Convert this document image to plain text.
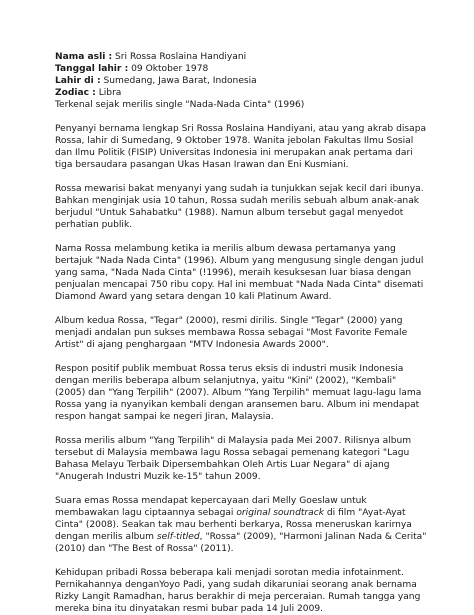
Nama asli : Sri Rossa Roslaina Handiyani

Tanggal lahir : 09 Oktober 1978

Lahir di : Sumedang, Jawa Barat, Indonesia

Zodiac : Libra

Terkenal sejak merilis single "Nada-Nada Cinta" (1996)

Penyanyi bernama lengkap Sri Rossa Roslaina Handiyani, atau yang akrab disapa Rossa, lahir di Sumedang, 9 Oktober 1978. Wanita jebolan Fakultas Ilmu Sosial dan Ilmu Politik (FISIP) Universitas Indonesia ini merupakan anak pertama dari tiga bersaudara pasangan Ukas Hasan Irawan dan Eni Kusmiani.

Rossa mewarisi bakat menyanyi yang sudah ia tunjukkan sejak kecil dari ibunya. Bahkan menginjak usia 10 tahun, Rossa sudah merilis sebuah album anak-anak berjudul "Untuk Sahabatku" (1988). Namun album tersebut gagal menyedot perhatian publik.

Nama Rossa melambung ketika ia merilis album dewasa pertamanya yang bertajuk "Nada Nada Cinta" (1996). Album yang mengusung single dengan judul yang sama, "Nada Nada Cinta" (!1996), meraih kesuksesan luar biasa dengan penjualan mencapai 750 ribu copy. Hal ini membuat "Nada Nada Cinta" disemati Diamond Award yang setara dengan 10 kali Platinum Award.

Album kedua Rossa, "Tegar" (2000), resmi dirilis. Single "Tegar" (2000) yang menjadi andalan pun sukses membawa Rossa sebagai "Most Favorite Female Artist" di ajang penghargaan "MTV Indonesia Awards 2000".

Respon positif publik membuat Rossa terus eksis di industri musik Indonesia dengan merilis beberapa album selanjutnya, yaitu "Kini" (2002), "Kembali" (2005) dan "Yang Terpilih" (2007). Album "Yang Terpilih" memuat lagu-lagu lama Rossa yang ia nyanyikan kembali dengan aransemen baru. Album ini mendapat respon hangat sampai ke negeri Jiran, Malaysia.

Rossa merilis album "Yang Terpilih" di Malaysia pada Mei 2007. Rilisnya album tersebut di Malaysia membawa lagu Rossa sebagai pemenang kategori "Lagu Bahasa Melayu Terbaik Dipersembahkan Oleh Artis Luar Negara" di ajang "Anugerah Industri Muzik ke-15" tahun 2009.

Suara emas Rossa mendapat kepercayaan dari Melly Goeslaw untuk membawakan lagu ciptaannya sebagai original soundtrack di film "Ayat-Ayat Cinta" (2008). Seakan tak mau berhenti berkarya, Rossa meneruskan karirnya dengan merilis album self-titled, "Rossa" (2009), "Harmoni Jalinan Nada & Cerita" (2010) dan "The Best of Rossa" (2011).

Kehidupan pribadi Rossa beberapa kali menjadi sorotan media infotainment. Pernikahannya denganYoyo Padi, yang sudah dikaruniai seorang anak bernama Rizky Langit Ramadhan, harus berakhir di meja perceraian. Rumah tangga yang mereka bina itu dinyatakan resmi bubar pada 14 Juli 2009.
